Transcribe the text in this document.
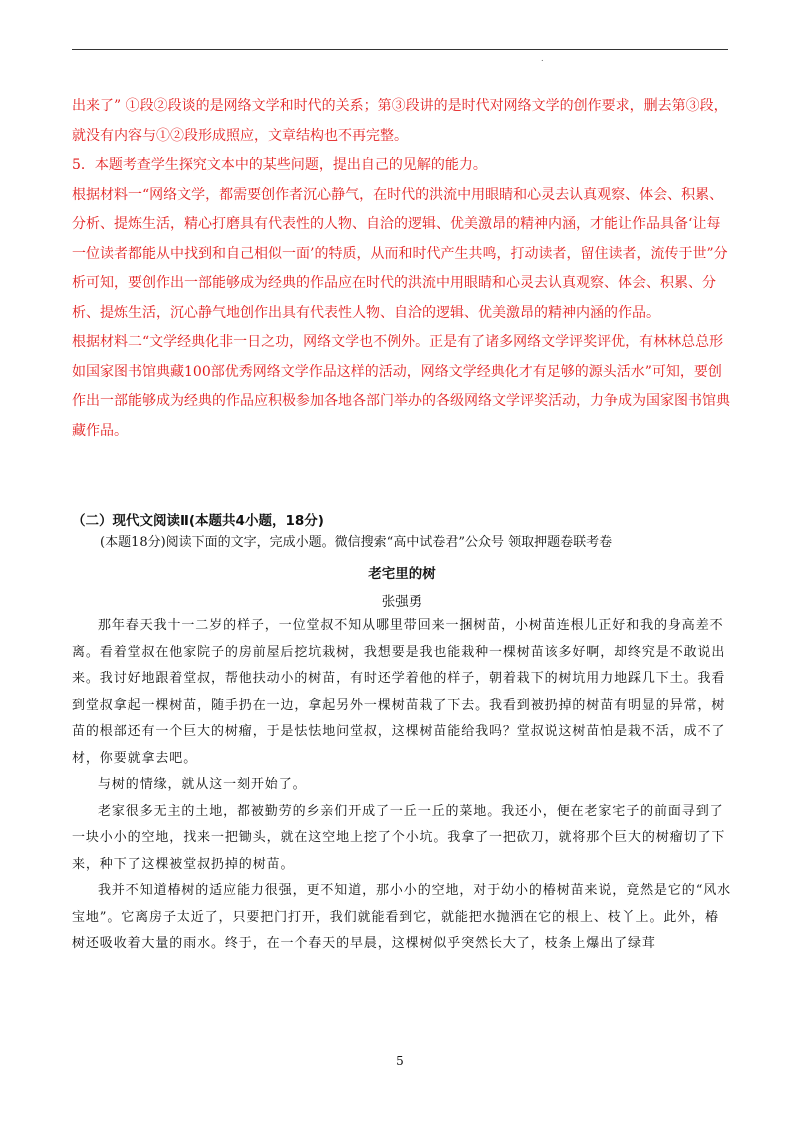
.

出来了” ①段②段谈的是网络文学和时代的关系；第③段讲的是时代对网络文学的创作要求，删去第③段，就没有内容与①②段形成照应，文章结构也不再完整。

5．本题考查学生探究文本中的某些问题，提出自己的见解的能力。

根据材料一“网络文学，都需要创作者沉心静气，在时代的洪流中用眼睛和心灵去认真观察、体会、积累、分析、提炼生活，精心打磨具有代表性的人物、自洽的逻辑、优美激昂的精神内涵，才能让作品具备‘让每一位读者都能从中找到和自己相似一面’的特质，从而和时代产生共鸣，打动读者，留住读者，流传于世”分析可知，要创作出一部能够成为经典的作品应在时代的洪流中用眼睛和心灵去认真观察、体会、积累、分析、提炼生活，沉心静气地创作出具有代表性人物、自洽的逻辑、优美激昂的精神内涵的作品。

根据材料二“文学经典化非一日之功，网络文学也不例外。正是有了诸多网络文学评奖评优，有林林总总形如国家图书馆典藏100部优秀网络文学作品这样的活动，网络文学经典化才有足够的源头活水”可知，要创作出一部能够成为经典的作品应积极参加各地各部门举办的各级网络文学评奖活动，力争成为国家图书馆典藏作品。

（二）现代文阅读Ⅱ(本题共4小题，18分)

(本题18分)阅读下面的文字，完成小题。微信搜索“高中试卷君”公众号 领取押题卷联考卷

老宅里的树

张强勇

那年春天我十一二岁的样子，一位堂叔不知从哪里带回来一捆树苗，小树苗连根儿正好和我的身高差不离。看着堂叔在他家院子的房前屋后挖坑栽树，我想要是我也能栽种一棵树苗该多好啊，却终究是不敢说出来。我讨好地跟着堂叔，帮他扶动小的树苗，有时还学着他的样子，朝着栽下的树坑用力地踩几下土。我看到堂叔拿起一棵树苗，随手扔在一边，拿起另外一棵树苗栽了下去。我看到被扔掉的树苗有明显的异常，树苗的根部还有一个巨大的树瘤，于是怯怯地问堂叔，这棵树苗能给我吗？堂叔说这树苗怕是栽不活，成不了材，你要就拿去吧。

与树的情缘，就从这一刻开始了。

老家很多无主的土地，都被勤劳的乡亲们开成了一丘一丘的菜地。我还小，便在老家宅子的前面寻到了一块小小的空地，找来一把锄头，就在这空地上挖了个小坑。我拿了一把砍刀，就将那个巨大的树瘤切了下来，种下了这棵被堂叔扔掉的树苗。

我并不知道椿树的适应能力很强，更不知道，那小小的空地，对于幼小的椿树苗来说，竟然是它的“风水宝地”。它离房子太近了，只要把门打开，我们就能看到它，就能把水抛洒在它的根上、枝丫上。此外，椿树还吸收着大量的雨水。终于，在一个春天的早晨，这棵树似乎突然长大了，枝条上爆出了绿茸

5
